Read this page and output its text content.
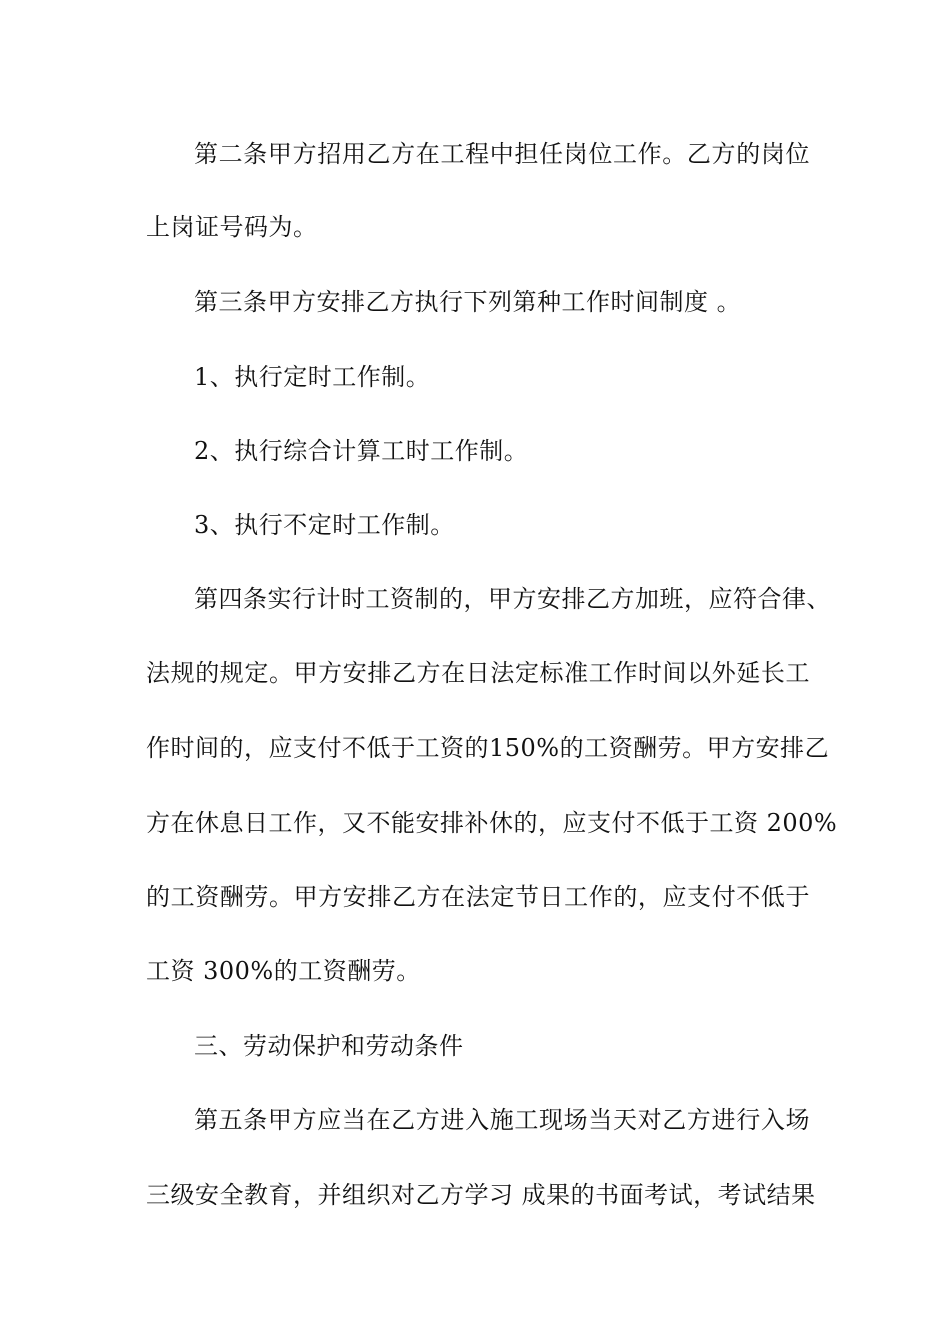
第二条甲方招用乙方在工程中担任岗位工作。乙方的岗位
上岗证号码为。
第三条甲方安排乙方执行下列第种工作时间制度 。
1、执行定时工作制。
2、执行综合计算工时工作制。
3、执行不定时工作制。
第四条实行计时工资制的，甲方安排乙方加班，应符合律、
法规的规定。甲方安排乙方在日法定标准工作时间以外延长工
作时间的，应支付不低于工资的150%的工资酬劳。甲方安排乙
方在休息日工作，又不能安排补休的，应支付不低于工资 200%
的工资酬劳。甲方安排乙方在法定节日工作的，应支付不低于
工资 300%的工资酬劳。
三、劳动保护和劳动条件
第五条甲方应当在乙方进入施工现场当天对乙方进行入场
三级安全教育，并组织对乙方学习 成果的书面考试，考试结果
